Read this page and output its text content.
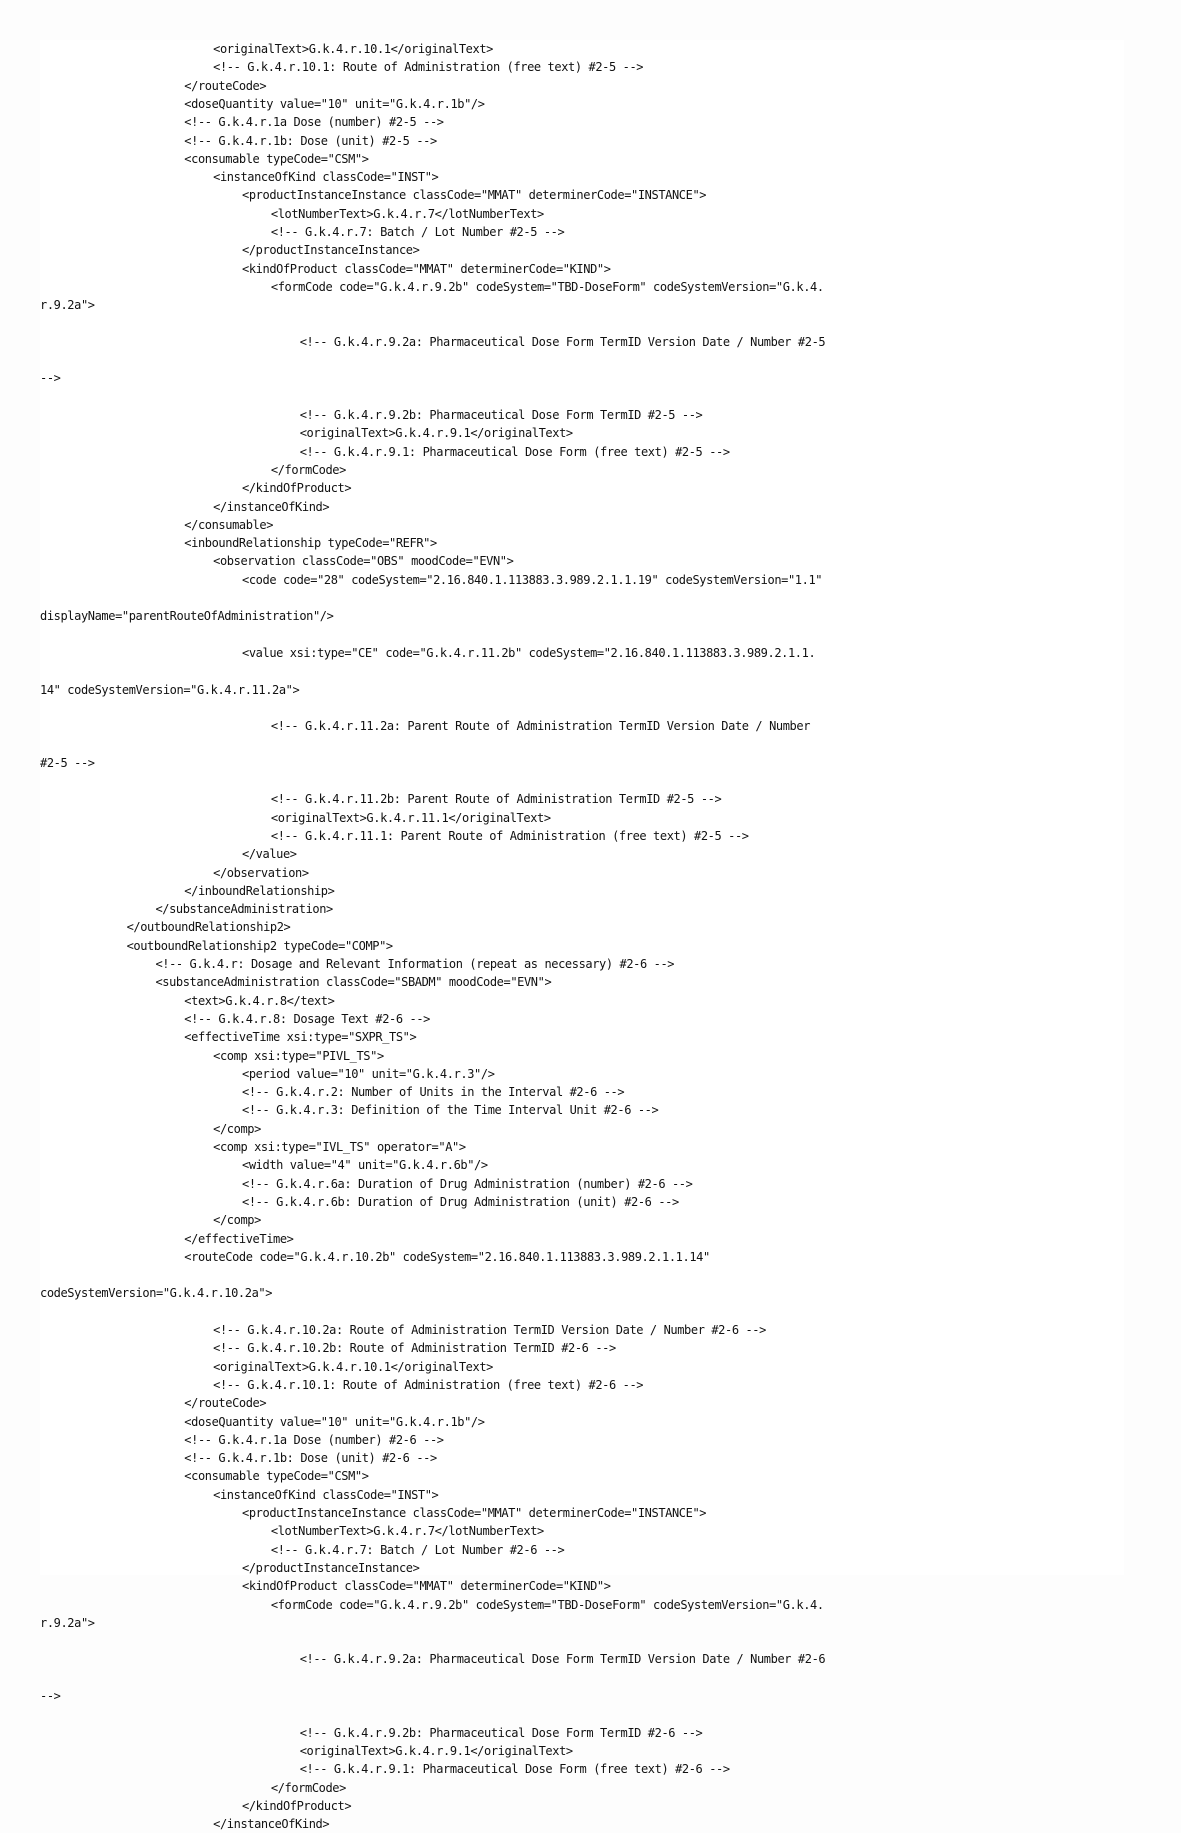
<originalText>G.k.4.r.10.1</originalText>
<!-- G.k.4.r.10.1: Route of Administration (free text) #2-5 -->
</routeCode>
<doseQuantity value="10" unit="G.k.4.r.1b"/>
<!-- G.k.4.r.1a Dose (number) #2-5 -->
<!-- G.k.4.r.1b: Dose (unit) #2-5 -->
<consumable typeCode="CSM">
<instanceOfKind classCode="INST">
<productInstanceInstance classCode="MMAT" determinerCode="INSTANCE">
<lotNumberText>G.k.4.r.7</lotNumberText>
<!-- G.k.4.r.7: Batch / Lot Number #2-5 -->
</productInstanceInstance>
<kindOfProduct classCode="MMAT" determinerCode="KIND">
<formCode code="G.k.4.r.9.2b" codeSystem="TBD-DoseForm" codeSystemVersion="G.k.4.
r.9.2a">
<!-- G.k.4.r.9.2a: Pharmaceutical Dose Form TermID Version Date / Number #2-5
-->
<!-- G.k.4.r.9.2b: Pharmaceutical Dose Form TermID #2-5 -->
<originalText>G.k.4.r.9.1</originalText>
<!-- G.k.4.r.9.1: Pharmaceutical Dose Form (free text) #2-5 -->
</formCode>
</kindOfProduct>
</instanceOfKind>
</consumable>
<inboundRelationship typeCode="REFR">
<observation classCode="OBS" moodCode="EVN">
<code code="28" codeSystem="2.16.840.1.113883.3.989.2.1.1.19" codeSystemVersion="1.1"
displayName="parentRouteOfAdministration"/>
<value xsi:type="CE" code="G.k.4.r.11.2b" codeSystem="2.16.840.1.113883.3.989.2.1.1.
14" codeSystemVersion="G.k.4.r.11.2a">
<!-- G.k.4.r.11.2a: Parent Route of Administration TermID Version Date / Number
#2-5 -->
<!-- G.k.4.r.11.2b: Parent Route of Administration TermID #2-5 -->
<originalText>G.k.4.r.11.1</originalText>
<!-- G.k.4.r.11.1: Parent Route of Administration (free text) #2-5 -->
</value>
</observation>
</inboundRelationship>
</substanceAdministration>
</outboundRelationship2>
<outboundRelationship2 typeCode="COMP">
<!-- G.k.4.r: Dosage and Relevant Information (repeat as necessary) #2-6 -->
<substanceAdministration classCode="SBADM" moodCode="EVN">
<text>G.k.4.r.8</text>
<!-- G.k.4.r.8: Dosage Text #2-6 -->
<effectiveTime xsi:type="SXPR_TS">
<comp xsi:type="PIVL_TS">
<period value="10" unit="G.k.4.r.3"/>
<!-- G.k.4.r.2: Number of Units in the Interval #2-6 -->
<!-- G.k.4.r.3: Definition of the Time Interval Unit #2-6 -->
</comp>
<comp xsi:type="IVL_TS" operator="A">
<width value="4" unit="G.k.4.r.6b"/>
<!-- G.k.4.r.6a: Duration of Drug Administration (number) #2-6 -->
<!-- G.k.4.r.6b: Duration of Drug Administration (unit) #2-6 -->
</comp>
</effectiveTime>
<routeCode code="G.k.4.r.10.2b" codeSystem="2.16.840.1.113883.3.989.2.1.1.14"
codeSystemVersion="G.k.4.r.10.2a">
<!-- G.k.4.r.10.2a: Route of Administration TermID Version Date / Number #2-6 -->
<!-- G.k.4.r.10.2b: Route of Administration TermID #2-6 -->
<originalText>G.k.4.r.10.1</originalText>
<!-- G.k.4.r.10.1: Route of Administration (free text) #2-6 -->
</routeCode>
<doseQuantity value="10" unit="G.k.4.r.1b"/>
<!-- G.k.4.r.1a Dose (number) #2-6 -->
<!-- G.k.4.r.1b: Dose (unit) #2-6 -->
<consumable typeCode="CSM">
<instanceOfKind classCode="INST">
<productInstanceInstance classCode="MMAT" determinerCode="INSTANCE">
<lotNumberText>G.k.4.r.7</lotNumberText>
<!-- G.k.4.r.7: Batch / Lot Number #2-6 -->
</productInstanceInstance>
<kindOfProduct classCode="MMAT" determinerCode="KIND">
<formCode code="G.k.4.r.9.2b" codeSystem="TBD-DoseForm" codeSystemVersion="G.k.4.
r.9.2a">
<!-- G.k.4.r.9.2a: Pharmaceutical Dose Form TermID Version Date / Number #2-6
-->
<!-- G.k.4.r.9.2b: Pharmaceutical Dose Form TermID #2-6 -->
<originalText>G.k.4.r.9.1</originalText>
<!-- G.k.4.r.9.1: Pharmaceutical Dose Form (free text) #2-6 -->
</formCode>
</kindOfProduct>
</instanceOfKind>
